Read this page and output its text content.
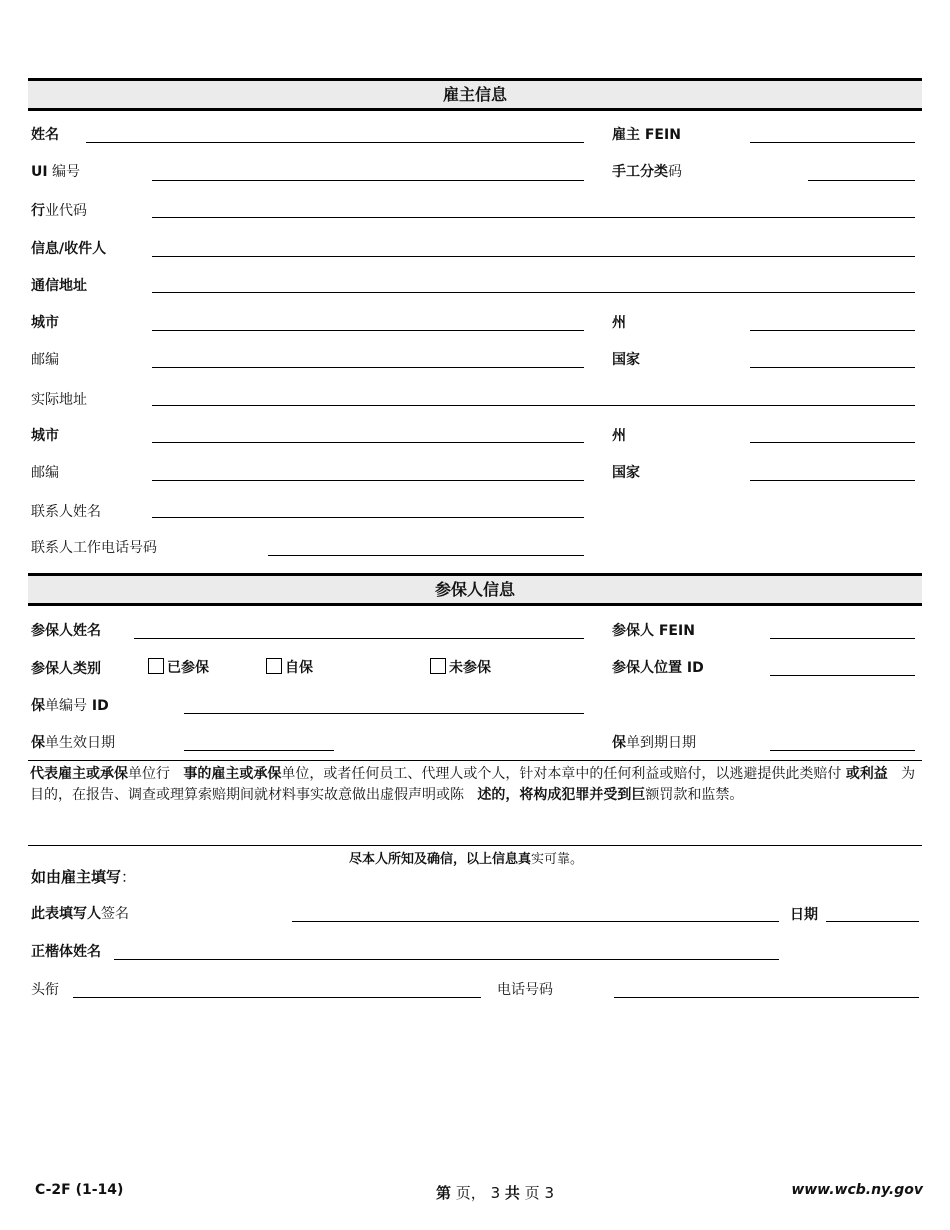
雇主信息
姓名	雇主 FEIN
UI 编号	手工分类码
行业代码
信息/收件人
通信地址
城市	州
邮编	国家
实际地址
城市	州
邮编	国家
联系人姓名
联系人工作电话号码
参保人信息
参保人姓名	参保人 FEIN
参保人类别	已参保	自保	未参保	参保人位置 ID
保单编号 ID
保单生效日期	保单到期日期
代表雇主或承保单位行 事的雇主或承保单位，或者任何员工、代理人或个人，针对本章中的任何利益或赔付，以逃避提供此类赔付 或利益 为目的，在报告、调查或理算索赔期间就材料事实故意做出虚假声明或陈 述的，将构成犯罪并受到巨额罚款和监禁。
尽本人所知及确信，以上信息真实可靠。
如由雇主填写：
此表填写人签名	日期
正楷体姓名
头衔	电话号码
C-2F (1-14)	第 页， 3 共 页 3	www.wcb.ny.gov
